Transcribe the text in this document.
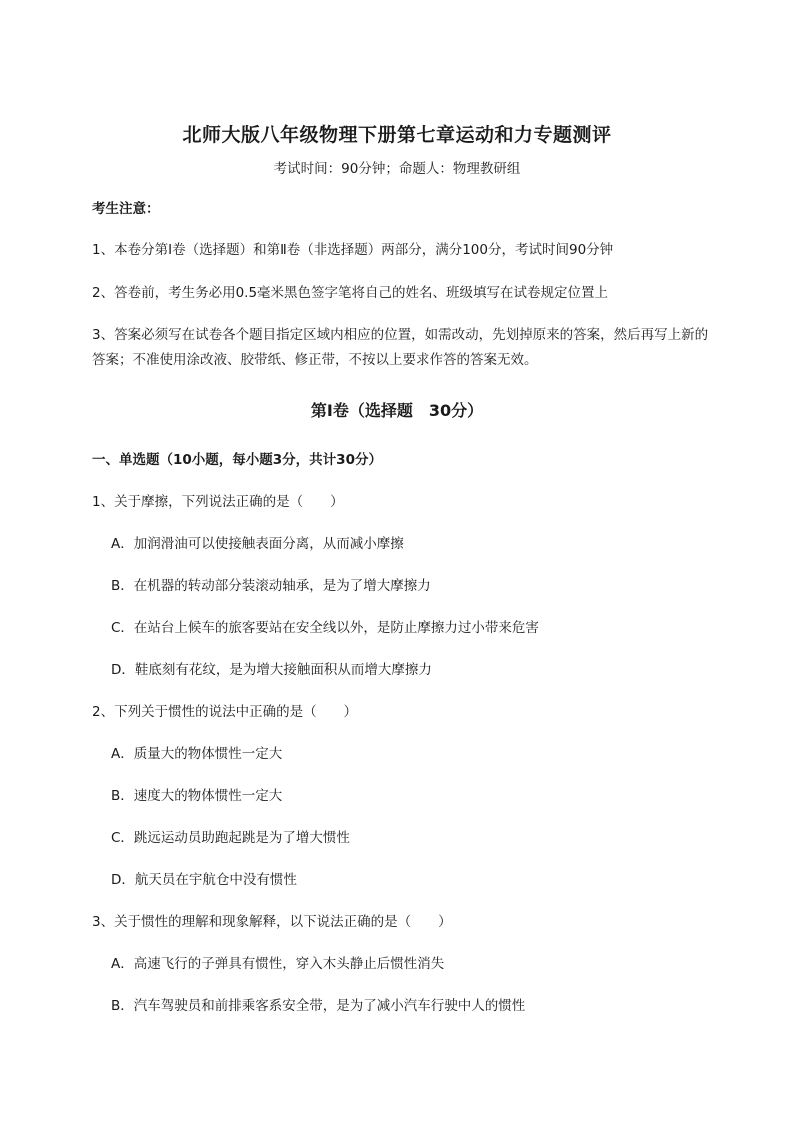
北师大版八年级物理下册第七章运动和力专题测评
考试时间：90分钟；命题人：物理教研组
考生注意：
1、本卷分第I卷（选择题）和第Ⅱ卷（非选择题）两部分，满分100分，考试时间90分钟
2、答卷前，考生务必用0.5毫米黑色签字笔将自己的姓名、班级填写在试卷规定位置上
3、答案必须写在试卷各个题目指定区域内相应的位置，如需改动，先划掉原来的答案，然后再写上新的答案；不准使用涂改液、胶带纸、修正带，不按以上要求作答的答案无效。
第I卷（选择题　30分）
一、单选题（10小题，每小题3分，共计30分）
1、关于摩擦，下列说法正确的是（　　）
A．加润滑油可以使接触表面分离，从而减小摩擦
B．在机器的转动部分装滚动轴承，是为了增大摩擦力
C．在站台上候车的旅客要站在安全线以外，是防止摩擦力过小带来危害
D．鞋底刻有花纹，是为增大接触面积从而增大摩擦力
2、下列关于惯性的说法中正确的是（　　）
A．质量大的物体惯性一定大
B．速度大的物体惯性一定大
C．跳远运动员助跑起跳是为了增大惯性
D．航天员在宇航仓中没有惯性
3、关于惯性的理解和现象解释，以下说法正确的是（　　）
A．高速飞行的子弹具有惯性，穿入木头静止后惯性消失
B．汽车驾驶员和前排乘客系安全带，是为了减小汽车行驶中人的惯性
